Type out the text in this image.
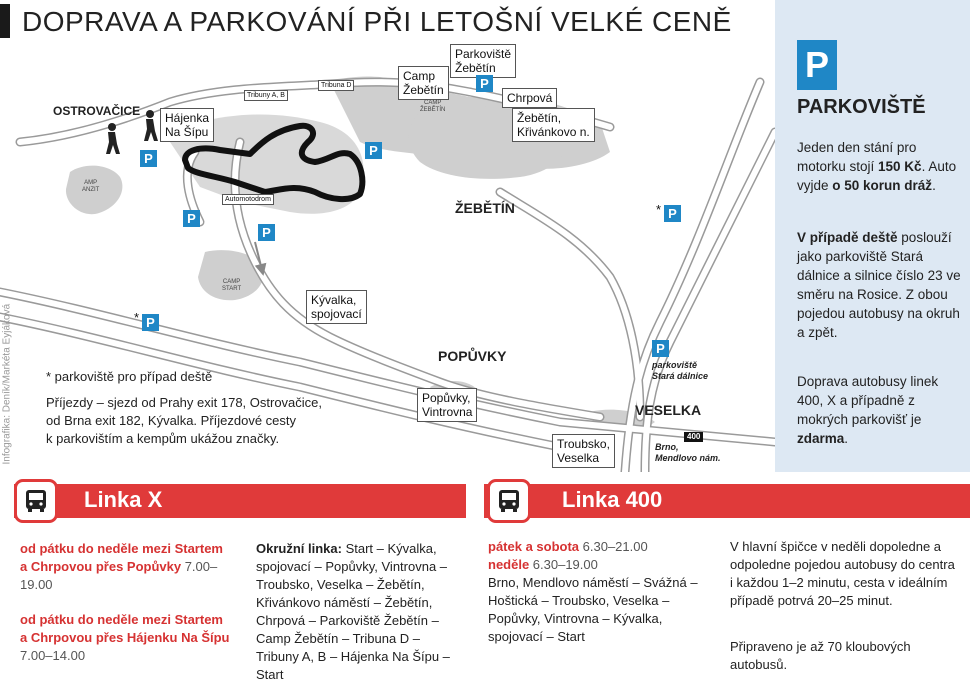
DOPRAVA A PARKOVÁNÍ PŘI LETOŠNÍ VELKÉ CENĚ
OSTROVAČICE
ŽEBĚTÍN
POPŮVKY
VESELKA
Hájenka
Na Šípu
Camp
Žebětín
Parkoviště
Žebětín
Chrpová
Žebětín,
Křivánkovo n.
Kývalka,
spojovací
Popůvky,
Vintrovna
Troubsko,
Veselka
Tribuny A, B
Tribuna D
Automotodrom
AMP
ANZIT
CAMP
START
CAMP
ŽEBĚTÍN
P
P
P
P
P
P
P
P
*
*
parkoviště
Stará dálnice
Brno,
Mendlovo nám.
400
* parkoviště pro případ deště
Příjezdy – sjezd od Prahy exit 178, Ostrovačice,
od Brna exit 182, Kývalka. Příjezdové cesty
k parkovištím a kempům ukážou značky.
Infografika: Deník/Markéta Eyjáková
P
PARKOVIŠTĚ
Jeden den stání pro motorku stojí 150 Kč. Auto vyjde o 50 korun dráž.
V případě deště poslouží jako parkoviště Stará dálnice a silnice číslo 23 ve směru na Rosice. Z obou pojedou autobusy na okruh a zpět.
Doprava autobusy linek 400, X a případně z mokrých parkovišť je zdarma.
Linka X
od pátku do neděle mezi Startem a Chrpovou přes Popůvky 7.00–19.00
od pátku do neděle mezi Startem a Chrpovou přes Hájenku Na Šípu 7.00–14.00
Okružní linka: Start – Kývalka, spojovací – Popůvky, Vintrovna – Troubsko, Veselka – Žebětín, Křivánkovo náměstí – Žebětín, Chrpová – Parkoviště Žebětín – Camp Žebětín – Tribuna D – Tribuny A, B – Hájenka Na Šípu – Start
Linka 400
pátek a sobota 6.30–21.00
neděle 6.30–19.00
Brno, Mendlovo náměstí – Svážná – Hoštická – Troubsko, Veselka – Popůvky, Vintrovna – Kývalka, spojovací – Start
V hlavní špičce v neděli dopoledne a odpoledne pojedou autobusy do centra i každou 1–2 minutu, cesta v ideálním případě potrvá 20–25 minut.
Připraveno je až 70 kloubových autobusů.
